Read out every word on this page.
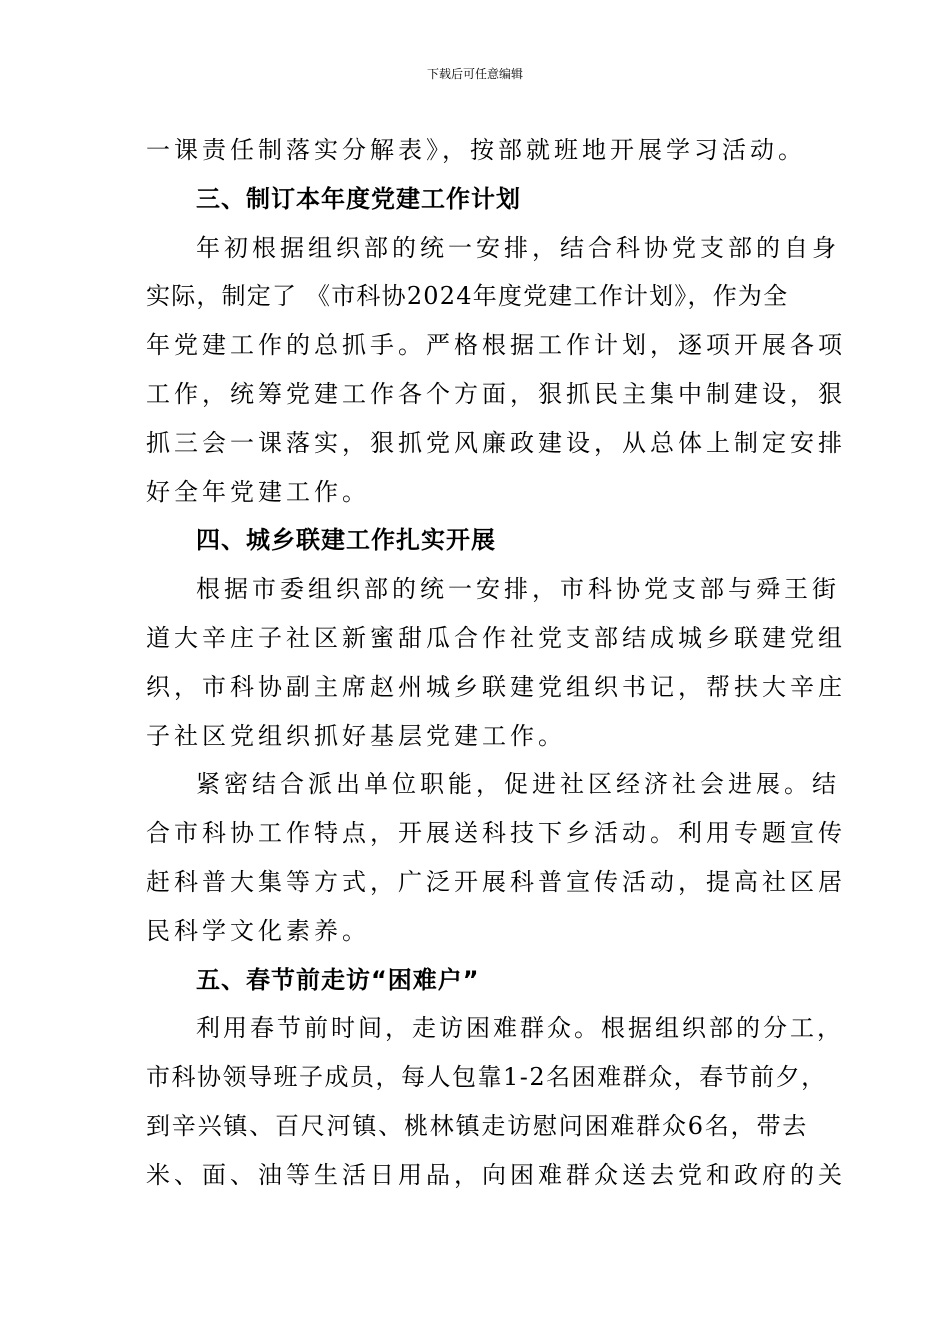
下载后可任意编辑
一课责任制落实分解表》，按部就班地开展学习活动。
三、制订本年度党建工作计划
年初根据组织部的统一安排，结合科协党支部的自身
实际，制定了 《市科协2024年度党建工作计划》，作为全
年党建工作的总抓手。严格根据工作计划，逐项开展各项
工作，统筹党建工作各个方面，狠抓民主集中制建设，狠
抓三会一课落实，狠抓党风廉政建设，从总体上制定安排
好全年党建工作。
四、城乡联建工作扎实开展
根据市委组织部的统一安排，市科协党支部与舜王街
道大辛庄子社区新蜜甜瓜合作社党支部结成城乡联建党组
织，市科协副主席赵州城乡联建党组织书记，帮扶大辛庄
子社区党组织抓好基层党建工作。
紧密结合派出单位职能，促进社区经济社会进展。结
合市科协工作特点，开展送科技下乡活动。利用专题宣传
赶科普大集等方式，广泛开展科普宣传活动，提高社区居
民科学文化素养。
五、春节前走访“困难户”
利用春节前时间，走访困难群众。根据组织部的分工，
市科协领导班子成员，每人包靠1-2名困难群众，春节前夕，
到辛兴镇、百尺河镇、桃林镇走访慰问困难群众6名，带去
米、面、油等生活日用品，向困难群众送去党和政府的关
